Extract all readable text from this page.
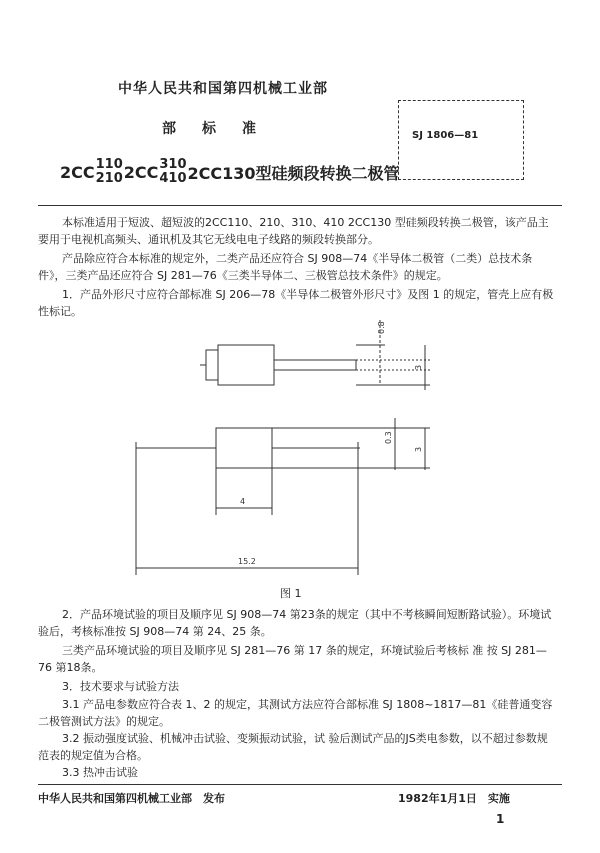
中华人民共和国第四机械工业部
部 标 准	SJ 1806—81
2CC 110
210 2CC 310
410 2CC130型硅频段转换二极管
本标准适用于短波、超短波的2CC110、210、310、410 2CC130 型硅频段转换二极管，该产品主要用于电视机高频头、通讯机及其它无线电电子线路的频段转换部分。
产品除应符合本标准的规定外，二类产品还应符合 SJ 908—74《半导体二极管（二类）总技术条件》，三类产品还应符合 SJ 281—76《三类半导体二、三极管总技术条件》的规定。
1．产品外形尺寸应符合部标准 SJ 206—78《半导体二极管外形尺寸》及图 1 的规定，管壳上应有极性标记。
0.8
3
0.3
3
4
15.2
图 1
2．产品环境试验的项目及顺序见 SJ 908—74 第23条的规定（其中不考核瞬间短断路试验）。环境试验后，考核标准按 SJ 908—74 第 24、25 条。
三类产品环境试验的项目及顺序见 SJ 281—76 第 17 条的规定，环境试验后考核标 准 按 SJ 281—76 第18条。
3．技术要求与试验方法
3.1 产品电参数应符合表 1、2 的规定，其测试方法应符合部标准 SJ 1808~1817—81《硅普通变容二极管测试方法》的规定。
3.2 振动强度试验、机械冲击试验、变频振动试验，试 验后测试产品的JS类电参数，以不超过参数规范表的规定值为合格。
3.3 热冲击试验
中华人民共和国第四机械工业部　发布	1982年1月1日　实施
1
